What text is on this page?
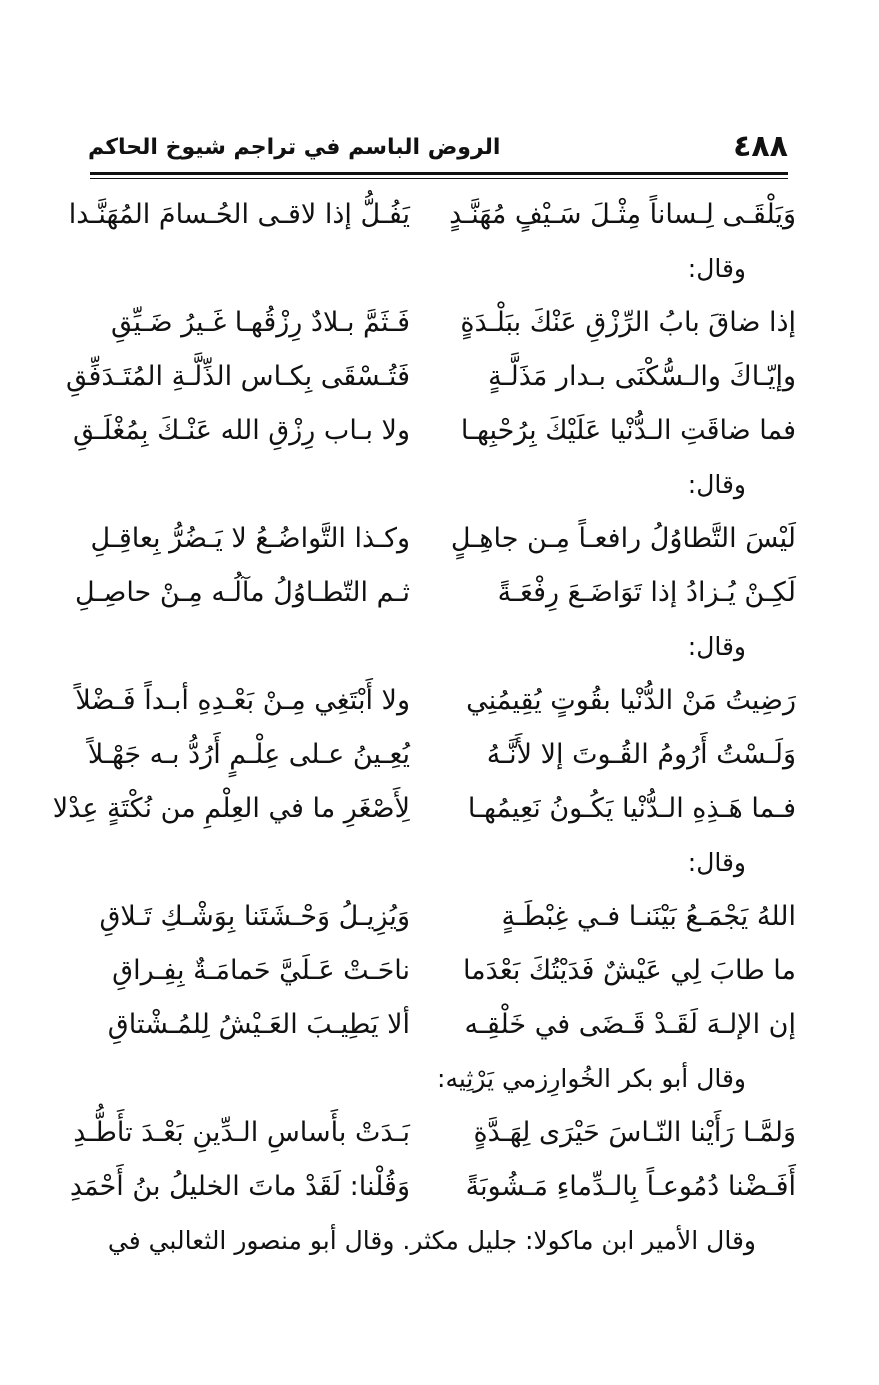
٤٨٨
الروض الباسم في تراجم شيوخ الحاكم
وَيَلْقَـى لِـساناً مِثْـلَ سَـيْفٍ مُهَنَّـدٍ
يَفُـلُّ إذا لاقـى الحُـسامَ المُهَنَّـدا
وقال:
إذا ضاقَ بابُ الرِّزْقِ عَنْكَ ببَلْـدَةٍ
فَـثَمَّ بـلادٌ رِزْقُهـا غَـيرُ ضَـيِّقِ
وإيّـاكَ والـسُّكْنَى بـدار مَذَلَّـةٍ
فَتُـسْقَى بِكـاس الذِّلَّـةِ المُتَـدَفِّقِ
فما ضاقَتِ الـدُّنْيا عَلَيْكَ بِرُحْبِهـا
ولا بـاب رِزْقِ الله عَنْـكَ بِمُغْلَـقِ
وقال:
لَيْسَ التَّطاوُلُ رافعـاً مِـن جاهِـلٍ
وكـذا التَّواضُـعُ لا يَـضُرُّ بِعاقِـلِ
لَكِـنْ يُـزادُ إذا تَوَاضَـعَ رِفْعَـةً
ثـم التّطـاوُلُ مآلُـه مِـنْ حاصِـلِ
وقال:
رَضِيتُ مَنْ الدُّنْيا بقُوتٍ يُقِيمُنِي
ولا أَبْتَغِي مِـنْ بَعْـدِهِ أبـداً فَـضْلاً
وَلَـسْتُ أَرُومُ القُـوتَ إلا لأَنَّـهُ
يُعِـينُ عـلى عِلْـمٍ أَرُدُّ بـه جَهْـلاً
فـما هَـذِهِ الـدُّنْيا يَكُـونُ نَعِيمُهـا
لِأَصْغَرِ ما في العِلْمِ من نُكْتَةٍ عِدْلا
وقال:
اللهُ يَجْمَـعُ بَيْنَنـا فـي غِبْطَـةٍ
وَيُزِيـلُ وَحْـشَتَنا بِوَشْـكِ تَـلاقِ
ما طابَ لِي عَيْشٌ فَدَيْتُكَ بَعْدَما
ناحَـتْ عَـلَيَّ حَمامَـةٌ بِفِـراقِ
إن الإلـهَ لَقَـدْ قَـضَى في خَلْقِـه
ألا يَطِيـبَ العَـيْشُ لِلمُـشْتاقِ
وقال أبو بكر الخُوارِزمي يَرْثِيه:
وَلمَّـا رَأَيْنا النّـاسَ حَيْرَى لِهَـدَّةٍ
بَـدَتْ بأَساسِ الـدِّينِ بَعْـدَ تأَطُّـدِ
أَفَـضْنا دُمُوعـاً بِالـدِّماءِ مَـشُوبَةً
وَقُلْنا: لَقَدْ ماتَ الخليلُ بنُ أَحْمَدِ
وقال الأمير ابن ماكولا: جليل مكثر. وقال أبو منصور الثعالبي في
